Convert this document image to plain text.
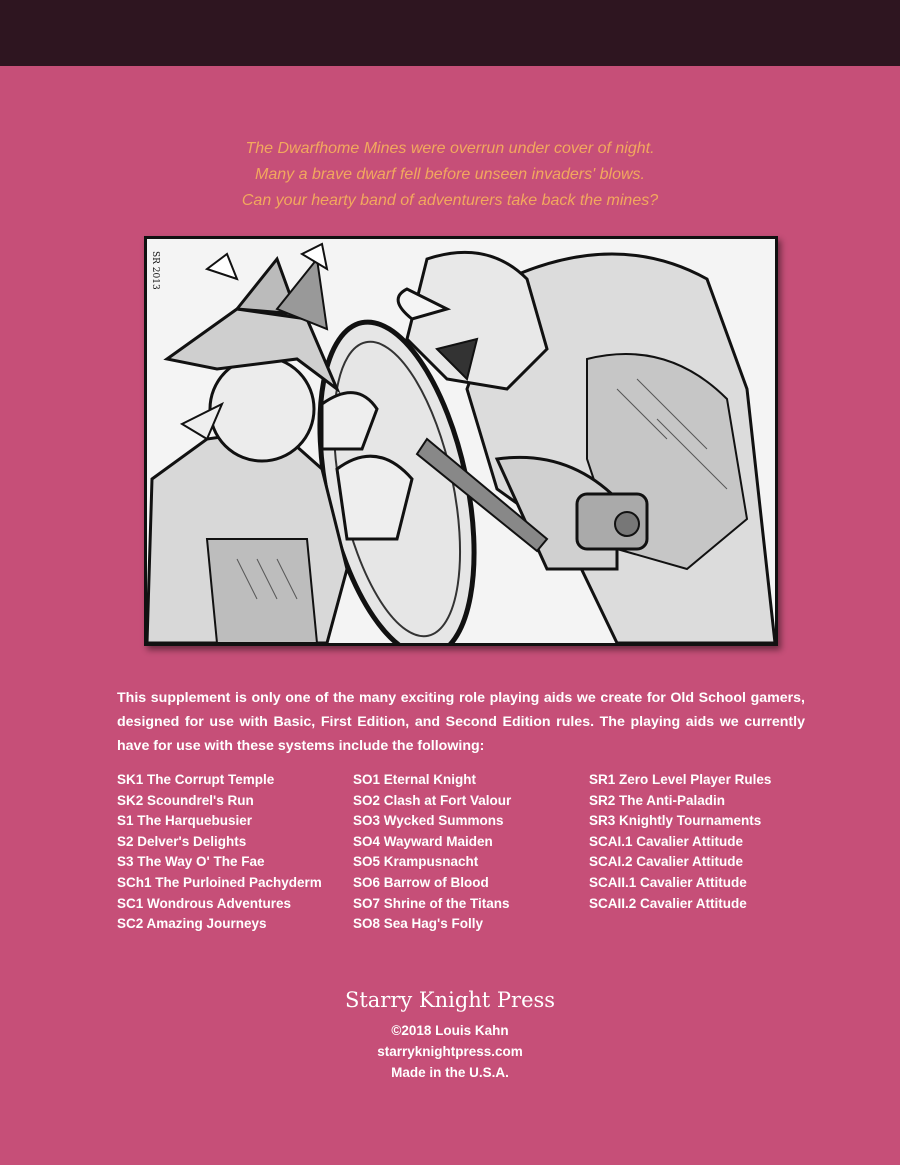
The Dwarfhome Mines were overrun under cover of night.
Many a brave dwarf fell before unseen invaders' blows.
Can your hearty band of adventurers take back the mines?
SR 2013
This supplement is only one of the many exciting role playing aids we create for Old School gamers, designed for use with Basic, First Edition, and Second Edition rules. The playing aids we currently have for use with these systems include the following:
SK1 The Corrupt Temple
SK2 Scoundrel's Run
S1 The Harquebusier
S2 Delver's Delights
S3 The Way O' The Fae
SCh1 The Purloined Pachyderm
SC1 Wondrous Adventures
SC2 Amazing Journeys
SO1 Eternal Knight
SO2 Clash at Fort Valour
SO3 Wycked Summons
SO4 Wayward Maiden
SO5 Krampusnacht
SO6 Barrow of Blood
SO7 Shrine of the Titans
SO8 Sea Hag's Folly
SR1 Zero Level Player Rules
SR2 The Anti-Paladin
SR3 Knightly Tournaments
SCAI.1 Cavalier Attitude
SCAI.2 Cavalier Attitude
SCAII.1 Cavalier Attitude
SCAII.2 Cavalier Attitude
Starry Knight Press
©2018 Louis Kahn
starryknightpress.com
Made in the U.S.A.
